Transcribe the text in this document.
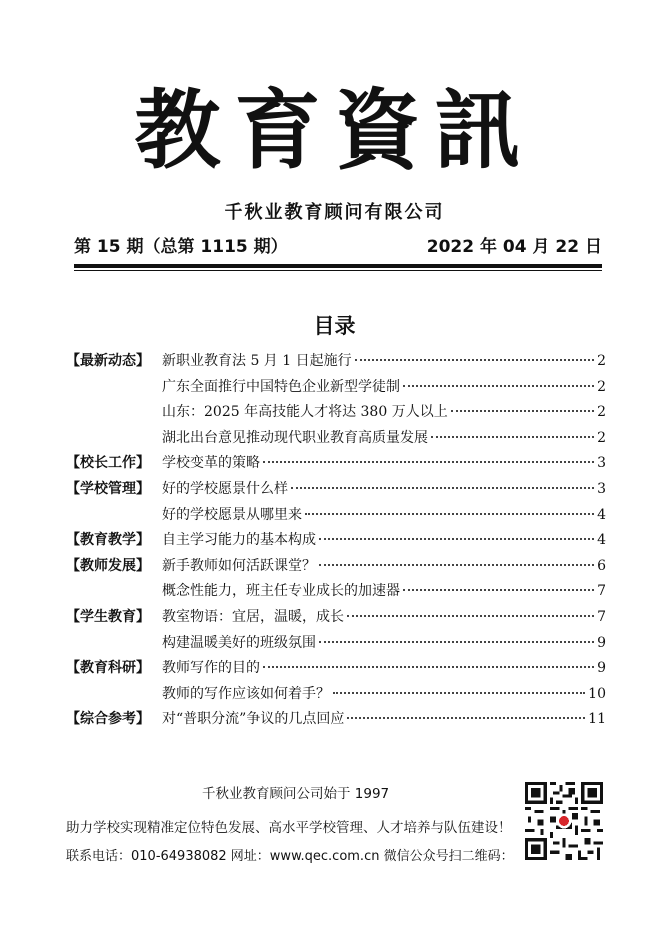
教育資訊
千秋业教育顾问有限公司
第 15 期（总第 1115 期）	2022 年 04 月 22 日
目录
【最新动态】 新职业教育法 5 月 1 日起施行	2
广东全面推行中国特色企业新型学徒制	2
山东：2025 年高技能人才将达 380 万人以上	2
湖北出台意见推动现代职业教育高质量发展	2
【校长工作】 学校变革的策略	3
【学校管理】 好的学校愿景什么样	3
好的学校愿景从哪里来	4
【教育教学】 自主学习能力的基本构成	4
【教师发展】 新手教师如何活跃课堂？	6
概念性能力，班主任专业成长的加速器	7
【学生教育】 教室物语：宜居，温暖，成长	7
构建温暖美好的班级氛围	9
【教育科研】 教师写作的目的	9
教师的写作应该如何着手？	10
【综合参考】 对“普职分流”争议的几点回应	11
千秋业教育顾问公司始于 1997
助力学校实现精准定位特色发展、高水平学校管理、人才培养与队伍建设！
联系电话：010-64938082 网址：www.qec.com.cn 微信公众号扫二维码：
